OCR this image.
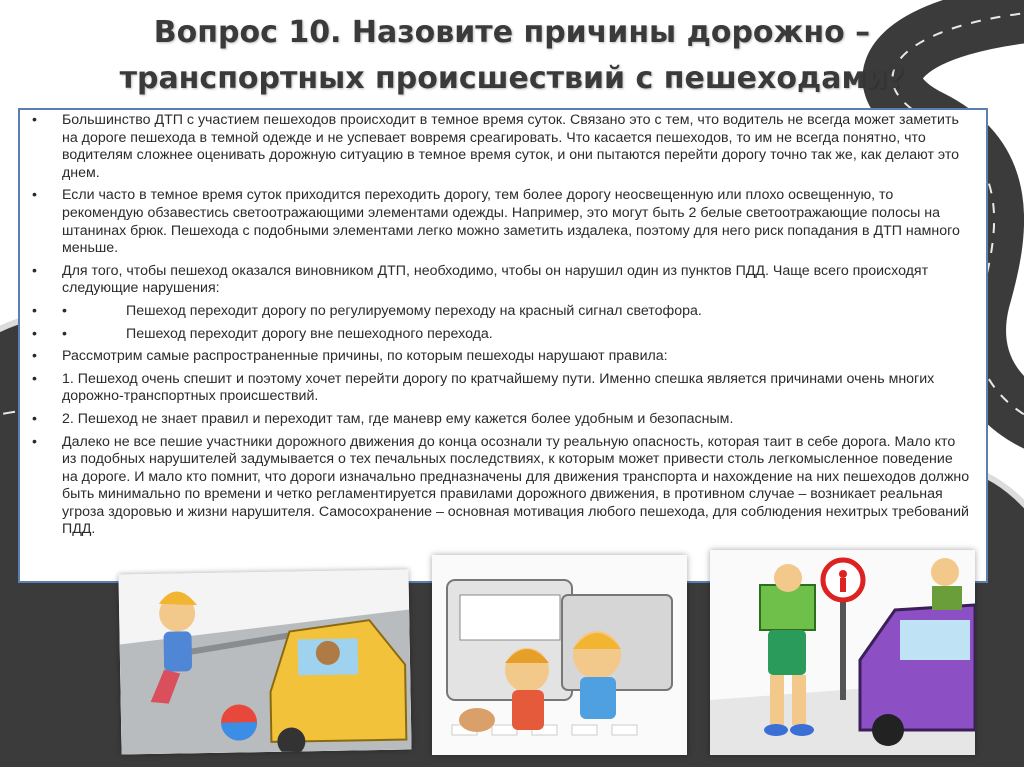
Вопрос 10. Назовите причины дорожно –
транспортных происшествий с пешеходами?
•	Большинство ДТП с участием пешеходов происходит в темное время суток. Связано это с тем, что водитель не всегда может заметить на дороге пешехода в темной одежде и не успевает вовремя среагировать. Что касается пешеходов, то им не всегда понятно, что водителям сложнее оценивать дорожную ситуацию в темное время суток, и они пытаются перейти дорогу точно так же, как делают это днем.
•	Если часто в темное время суток приходится переходить дорогу, тем более дорогу неосвещенную или плохо освещенную, то рекомендую обзавестись светоотражающими элементами одежды. Например, это могут быть 2 белые светоотражающие полосы на штанинах брюк. Пешехода с подобными элементами легко можно заметить издалека, поэтому для него риск попадания в ДТП намного меньше.
•	Для того, чтобы пешеход оказался виновником ДТП, необходимо, чтобы он нарушил один из пунктов ПДД. Чаще всего происходят следующие нарушения:
•	•	Пешеход переходит дорогу по регулируемому переходу на красный сигнал светофора.
•	•	Пешеход переходит дорогу вне пешеходного перехода.
•	Рассмотрим самые распространенные причины, по которым пешеходы нарушают правила:
•	1. Пешеход очень спешит и поэтому хочет перейти дорогу по кратчайшему пути. Именно спешка является причинами очень многих дорожно-транспортных происшествий.
•	2. Пешеход не знает правил и переходит там, где маневр ему кажется более удобным и безопасным.
•	Далеко не все пешие участники дорожного движения до конца осознали ту реальную опасность, которая таит в себе дорога. Мало кто из подобных нарушителей задумывается о тех печальных последствиях, к которым может привести столь легкомысленное поведение на дороге. И мало кто помнит, что дороги изначально предназначены для движения транспорта и нахождение на них пешеходов должно быть минимально по времени и четко регламентируется правилами дорожного движения, в противном случае – возникает реальная угроза здоровью и жизни нарушителя. Самосохранение – основная мотивация любого пешехода, для соблюдения нехитрых требований ПДД.
